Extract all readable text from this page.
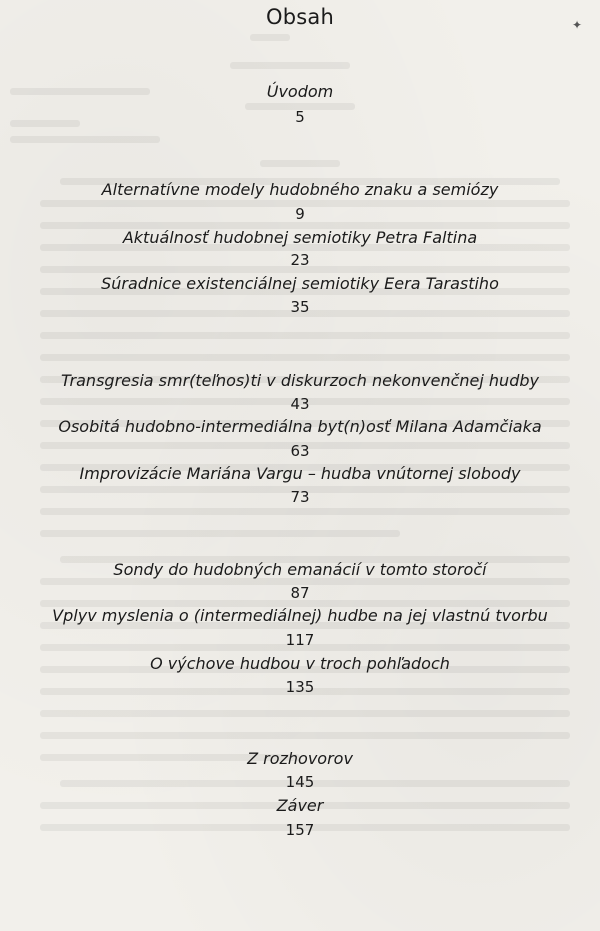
✦
Obsah
Úvodom
5
Alternatívne modely hudobného znaku a semiózy
9
Aktuálnosť hudobnej semiotiky Petra Faltina
23
Súradnice existenciálnej semiotiky Eera Tarastiho
35
Transgresia smr(teľnos)ti v diskurzoch nekonvenčnej hudby
43
Osobitá hudobno-intermediálna byt(n)osť Milana Adamčiaka
63
Improvizácie Mariána Vargu – hudba vnútornej slobody
73
Sondy do hudobných emanácií v tomto storočí
87
Vplyv myslenia o (intermediálnej) hudbe na jej vlastnú tvorbu
117
O výchove hudbou v troch pohľadoch
135
Z rozhovorov
145
Záver
157
